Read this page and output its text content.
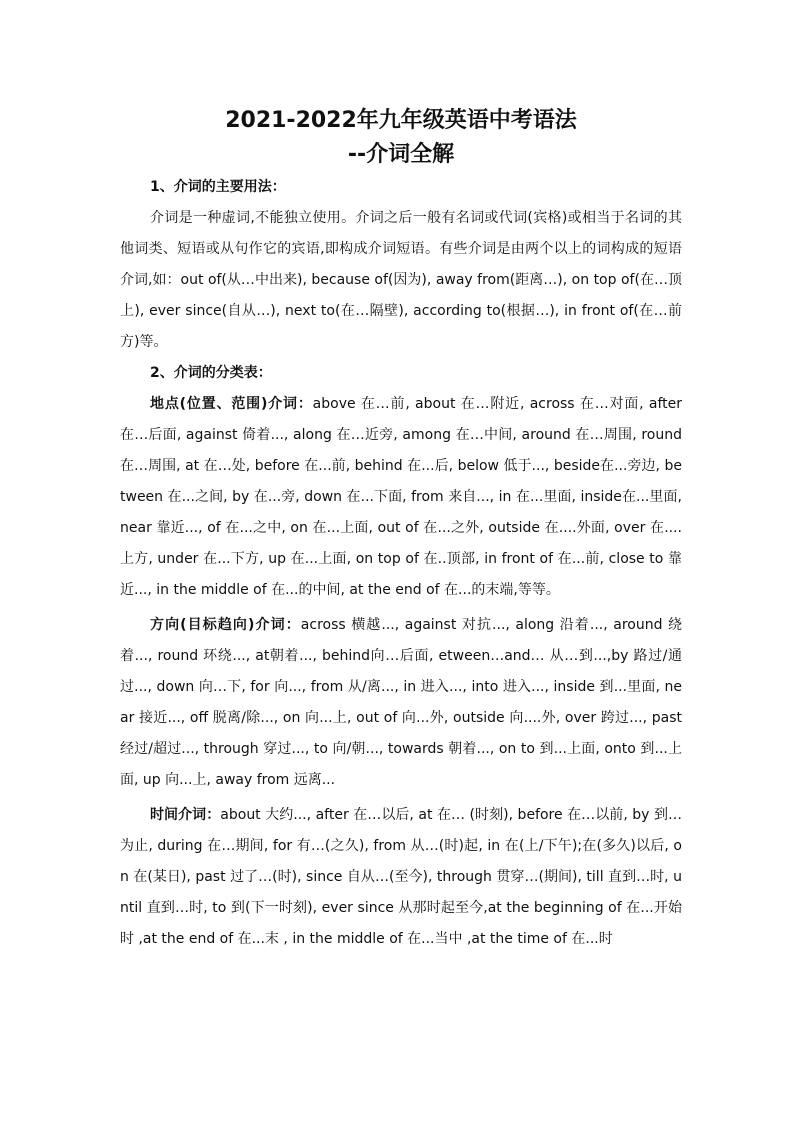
2021-2022年九年级英语中考语法
--介词全解

1、介词的主要用法：

介词是一种虚词,不能独立使用。介词之后一般有名词或代词(宾格)或相当于名词的其他词类、短语或从句作它的宾语,即构成介词短语。有些介词是由两个以上的词构成的短语介词,如：out of(从…中出来), because of(因为), away from(距离…), on top of(在…顶上), ever since(自从…), next to(在…隔壁), according to(根据…), in front of(在…前方)等。

2、介词的分类表：

地点(位置、范围)介词：above 在…前, about 在…附近, across 在…对面, after 在…后面, against 倚着..., along 在…近旁, among 在…中间, around 在…周围, round 在…周围, at 在…处, before 在...前, behind 在...后, below 低于..., beside在...旁边, between 在...之间, by 在...旁, down 在...下面, from 来自..., in 在...里面, inside在...里面, near 靠近..., of 在...之中, on 在...上面, out of 在...之外, outside 在....外面, over 在....上方, under 在...下方, up 在...上面, on top of 在..顶部, in front of 在...前, close to 靠近..., in the middle of 在...的中间, at the end of 在...的末端,等等。

方向(目标趋向)介词：across 横越..., against 对抗..., along 沿着..., around 绕着..., round 环绕..., at朝着..., behind向…后面, etween…and… 从…到...,by 路过/通过..., down 向…下, for 向..., from 从/离..., in 进入..., into 进入..., inside 到...里面, near 接近..., off 脱离/除..., on 向...上, out of 向...外, outside 向....外, over 跨过..., past 经过/超过..., through 穿过..., to 向/朝..., towards 朝着..., on to 到...上面, onto 到...上面, up 向...上, away from 远离...

时间介词：about 大约..., after 在…以后, at 在… (时刻), before 在…以前, by 到…为止, during 在…期间, for 有…(之久), from 从…(时)起, in 在(上/下午);在(多久)以后, on 在(某日), past 过了…(时), since 自从…(至今), through 贯穿…(期间), till 直到…时, until 直到…时, to 到(下一时刻), ever since 从那时起至今,at the beginning of 在...开始时 ,at the end of 在...末 , in the middle of 在...当中 ,at the time of 在...时
